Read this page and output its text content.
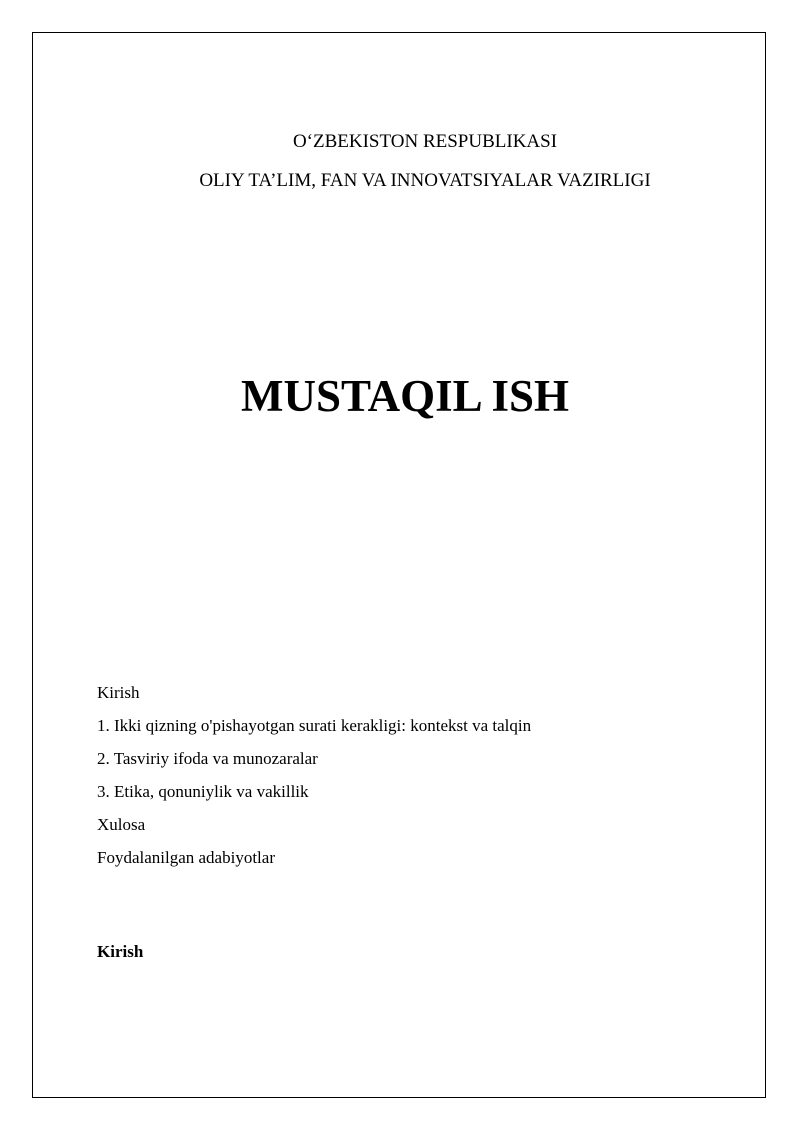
O‘ZBEKISTON RESPUBLIKASI
OLIY TA’LIM, FAN VA INNOVATSIYALAR VAZIRLIGI
MUSTAQIL ISH
Kirish
1. Ikki qizning o'pishayotgan surati kerakligi: kontekst va talqin
2. Tasviriy ifoda va munozaralar
3. Etika, qonuniylik va vakillik
Xulosa
Foydalanilgan adabiyotlar
Kirish
